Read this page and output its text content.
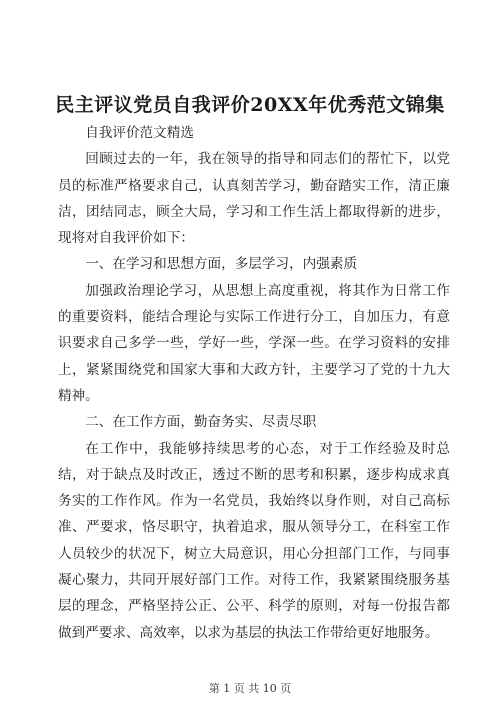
民主评议党员自我评价20XX年优秀范文锦集

自我评价范文精选

回顾过去的一年，我在领导的指导和同志们的帮忙下，以党员的标准严格要求自己，认真刻苦学习，勤奋踏实工作，清正廉洁，团结同志，顾全大局，学习和工作生活上都取得新的进步，现将对自我评价如下：

一、在学习和思想方面，多层学习，内强素质

加强政治理论学习，从思想上高度重视，将其作为日常工作的重要资料，能结合理论与实际工作进行分工，自加压力，有意识要求自己多学一些，学好一些，学深一些。在学习资料的安排上，紧紧围绕党和国家大事和大政方针，主要学习了党的十九大精神。

二、在工作方面，勤奋务实、尽责尽职

在工作中，我能够持续思考的心态，对于工作经验及时总结，对于缺点及时改正，透过不断的思考和积累，逐步构成求真务实的工作作风。作为一名党员，我始终以身作则，对自己高标准、严要求，恪尽职守，执着追求，服从领导分工，在科室工作人员较少的状况下，树立大局意识，用心分担部门工作，与同事凝心聚力，共同开展好部门工作。对待工作，我紧紧围绕服务基层的理念，严格坚持公正、公平、科学的原则，对每一份报告都做到严要求、高效率，以求为基层的执法工作带给更好地服务。

第 1 页 共 10 页
